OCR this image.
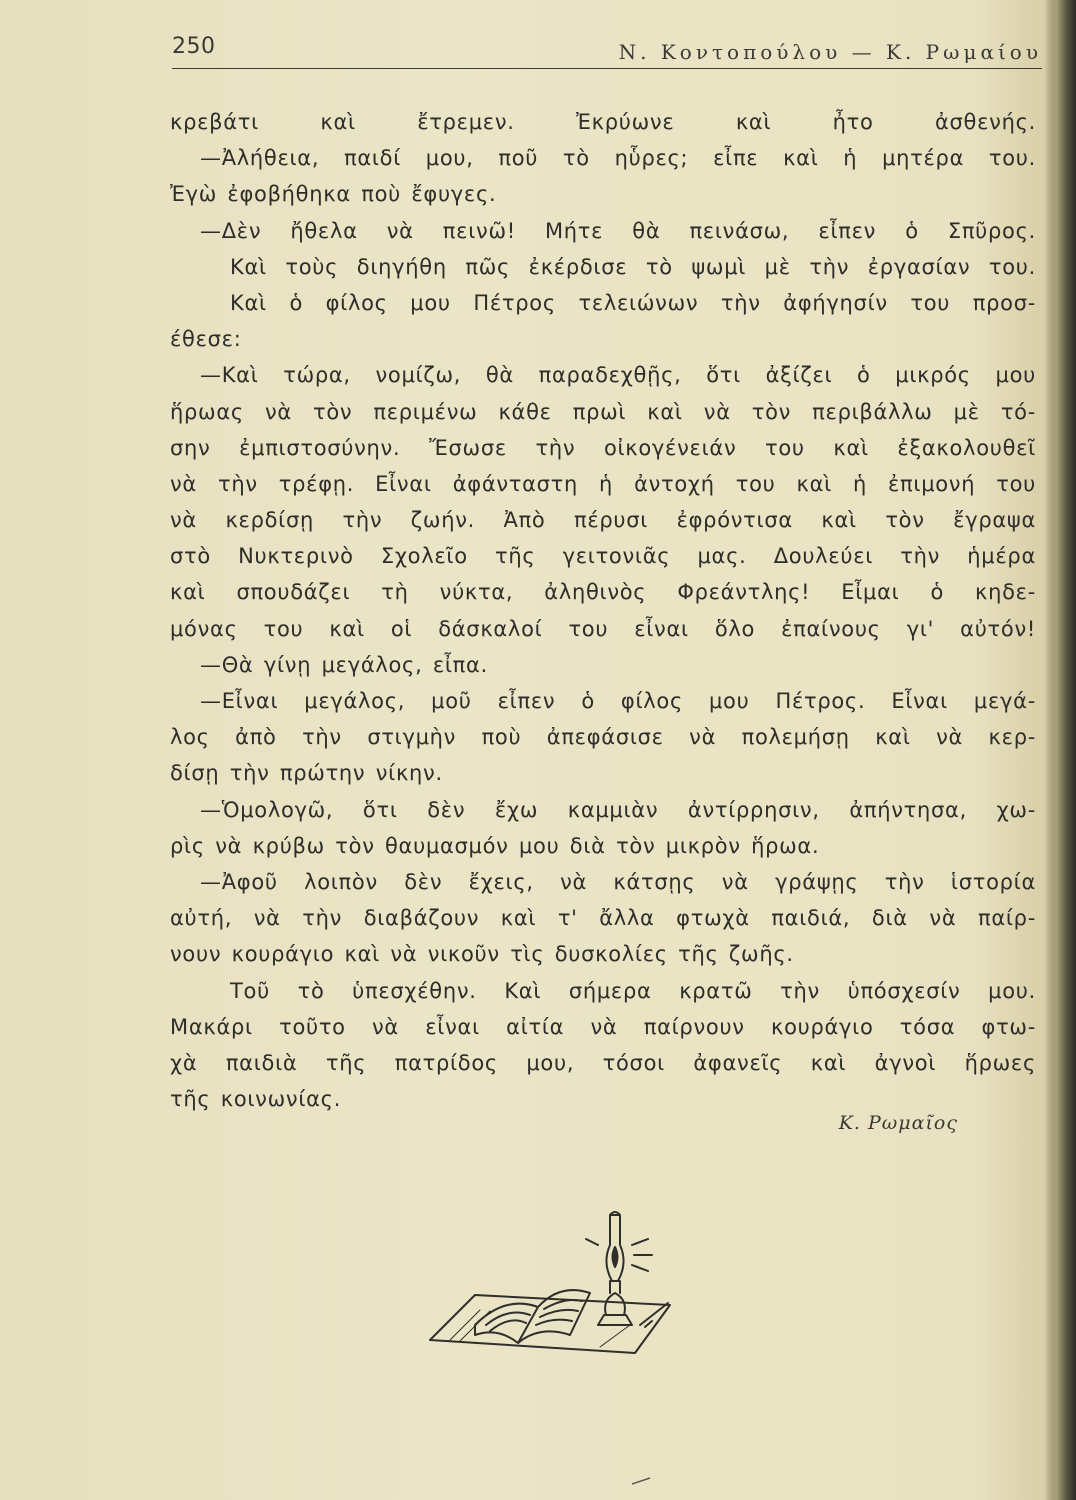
250	Ν. Κοντοπούλου — Κ. Ρωμαίου
κρεβάτι καὶ ἔτρεμεν. Ἐκρύωνε καὶ ἦτο ἀσθενής.
—Ἀλήθεια, παιδί μου, ποῦ τὸ ηὗρες; εἶπε καὶ ἡ μητέρα του.
Ἐγὼ ἐφοβήθηκα ποὺ ἔφυγες.
—Δὲν ἤθελα νὰ πεινῶ! Μήτε θὰ πεινάσω, εἶπεν ὁ Σπῦρος.
Καὶ τοὺς διηγήθη πῶς ἐκέρδισε τὸ ψωμὶ μὲ τὴν ἐργασίαν του.
Καὶ ὁ φίλος μου Πέτρος τελειώνων τὴν ἀφήγησίν του προσ-
έθεσε:
—Καὶ τώρα, νομίζω, θὰ παραδεχθῇς, ὅτι ἀξίζει ὁ μικρός μου
ἥρωας νὰ τὸν περιμένω κάθε πρωὶ καὶ νὰ τὸν περιβάλλω μὲ τό-
σην ἐμπιστοσύνην. Ἔσωσε τὴν οἰκογένειάν του καὶ ἐξακολουθεῖ
νὰ τὴν τρέφῃ. Εἶναι ἀφάνταστη ἡ ἀντοχή του καὶ ἡ ἐπιμονή του
νὰ κερδίσῃ τὴν ζωήν. Ἀπὸ πέρυσι ἐφρόντισα καὶ τὸν ἔγραψα
στὸ Νυκτερινὸ Σχολεῖο τῆς γειτονιᾶς μας. Δουλεύει τὴν ἡμέρα
καὶ σπουδάζει τὴ νύκτα, ἀληθινὸς Φρεάντλης! Εἶμαι ὁ κηδε-
μόνας του καὶ οἱ δάσκαλοί του εἶναι ὅλο ἐπαίνους γι' αὐτόν!
—Θὰ γίνῃ μεγάλος, εἶπα.
—Εἶναι μεγάλος, μοῦ εἶπεν ὁ φίλος μου Πέτρος. Εἶναι μεγά-
λος ἀπὸ τὴν στιγμὴν ποὺ ἀπεφάσισε νὰ πολεμήσῃ καὶ νὰ κερ-
δίσῃ τὴν πρώτην νίκην.
—Ὁμολογῶ, ὅτι δὲν ἔχω καμμιὰν ἀντίρρησιν, ἀπήντησα, χω-
ρὶς νὰ κρύβω τὸν θαυμασμόν μου διὰ τὸν μικρὸν ἥρωα.
—Ἀφοῦ λοιπὸν δὲν ἔχεις, νὰ κάτσῃς νὰ γράψῃς τὴν ἱστορία
αὐτή, νὰ τὴν διαβάζουν καὶ τ' ἄλλα φτωχὰ παιδιά, διὰ νὰ παίρ-
νουν κουράγιο καὶ νὰ νικοῦν τὶς δυσκολίες τῆς ζωῆς.
Τοῦ τὸ ὑπεσχέθην. Καὶ σήμερα κρατῶ τὴν ὑπόσχεσίν μου.
Μακάρι τοῦτο νὰ εἶναι αἰτία νὰ παίρνουν κουράγιο τόσα φτω-
χὰ παιδιὰ τῆς πατρίδος μου, τόσοι ἀφανεῖς καὶ ἀγνοὶ ἥρωες
τῆς κοινωνίας.
Κ. Ρωμαῖος
